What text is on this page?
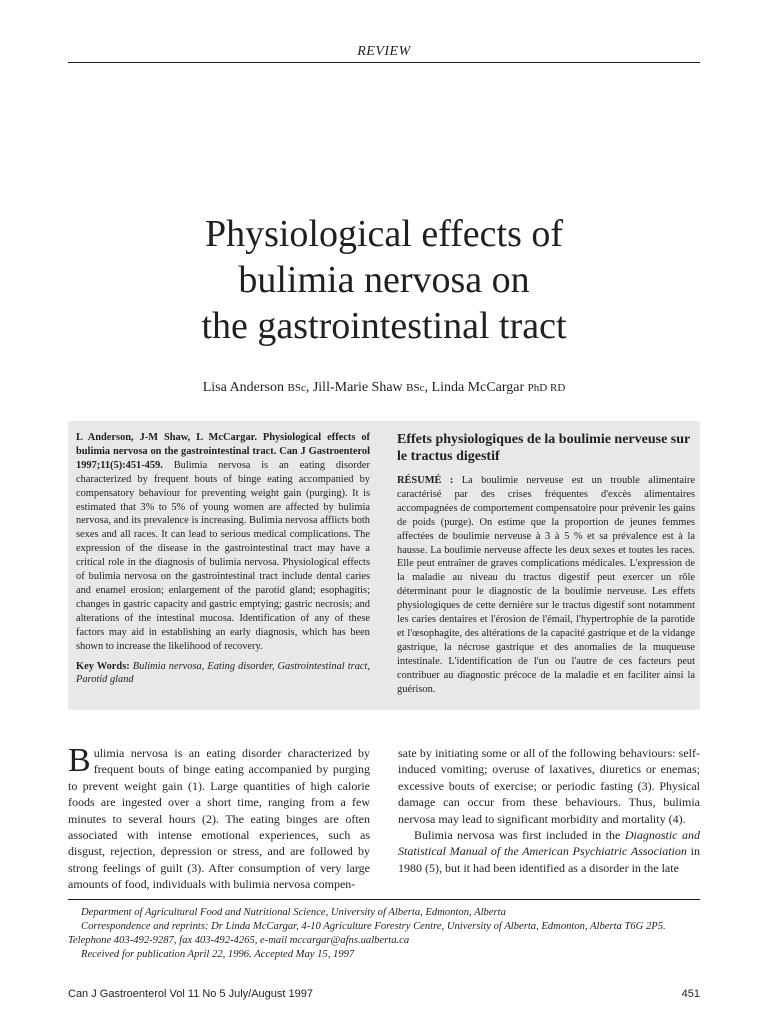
REVIEW
Physiological effects of
bulimia nervosa on
the gastrointestinal tract
Lisa Anderson BSc, Jill-Marie Shaw BSc, Linda McCargar PhD RD
L Anderson, J-M Shaw, L McCargar. Physiological effects of bulimia nervosa on the gastrointestinal tract. Can J Gastroenterol 1997;11(5):451-459. Bulimia nervosa is an eating disorder characterized by frequent bouts of binge eating accompanied by compensatory behaviour for preventing weight gain (purging). It is estimated that 3% to 5% of young women are affected by bulimia nervosa, and its prevalence is increasing. Bulimia nervosa afflicts both sexes and all races. It can lead to serious medical complications. The expression of the disease in the gastrointestinal tract may have a critical role in the diagnosis of bulimia nervosa. Physiological effects of bulimia nervosa on the gastrointestinal tract include dental caries and enamel erosion; enlargement of the parotid gland; esophagitis; changes in gastric capacity and gastric emptying; gastric necrosis; and alterations of the intestinal mucosa. Identification of any of these factors may aid in establishing an early diagnosis, which has been shown to increase the likelihood of recovery.
Key Words: Bulimia nervosa, Eating disorder, Gastrointestinal tract, Parotid gland
Effets physiologiques de la boulimie nerveuse sur le tractus digestif
RÉSUMÉ : La boulimie nerveuse est un trouble alimentaire caractérisé par des crises fréquentes d'excès alimentaires accompagnées de comportement compensatoire pour prévenir les gains de poids (purge). On estime que la proportion de jeunes femmes affectées de boulimie nerveuse à 3 à 5 % et sa prévalence est à la hausse. La boulimie nerveuse affecte les deux sexes et toutes les races. Elle peut entraîner de graves complications médicales. L'expression de la maladie au niveau du tractus digestif peut exercer un rôle déterminant pour le diagnostic de la boulimie nerveuse. Les effets physiologiques de cette dernière sur le tractus digestif sont notamment les caries dentaires et l'érosion de l'émail, l'hypertrophie de la parotide et l'œsophagite, des altérations de la capacité gastrique et de la vidange gastrique, la nécrose gastrique et des anomalies de la muqueuse intestinale. L'identification de l'un ou l'autre de ces facteurs peut contribuer au diagnostic précoce de la maladie et en faciliter ainsi la guérison.

Bulimia nervosa is an eating disorder characterized by frequent bouts of binge eating accompanied by purging to prevent weight gain (1). Large quantities of high calorie foods are ingested over a short time, ranging from a few minutes to several hours (2). The eating binges are often associated with intense emotional experiences, such as disgust, rejection, depression or stress, and are followed by strong feelings of guilt (3). After consumption of very large amounts of food, individuals with bulimia nervosa compen-

sate by initiating some or all of the following behaviours: self-induced vomiting; overuse of laxatives, diuretics or enemas; excessive bouts of exercise; or periodic fasting (3). Physical damage can occur from these behaviours. Thus, bulimia nervosa may lead to significant morbidity and mortality (4).

Bulimia nervosa was first included in the Diagnostic and Statistical Manual of the American Psychiatric Association in 1980 (5), but it had been identified as a disorder in the late

Department of Agricultural Food and Nutritional Science, University of Alberta, Edmonton, Alberta
Correspondence and reprints: Dr Linda McCargar, 4-10 Agriculture Forestry Centre, University of Alberta, Edmonton, Alberta T6G 2P5.
Telephone 403-492-9287, fax 403-492-4265, e-mail mccargar@afns.ualberta.ca
Received for publication April 22, 1996. Accepted May 15, 1997
Can J Gastroenterol Vol 11 No 5 July/August 1997	451
